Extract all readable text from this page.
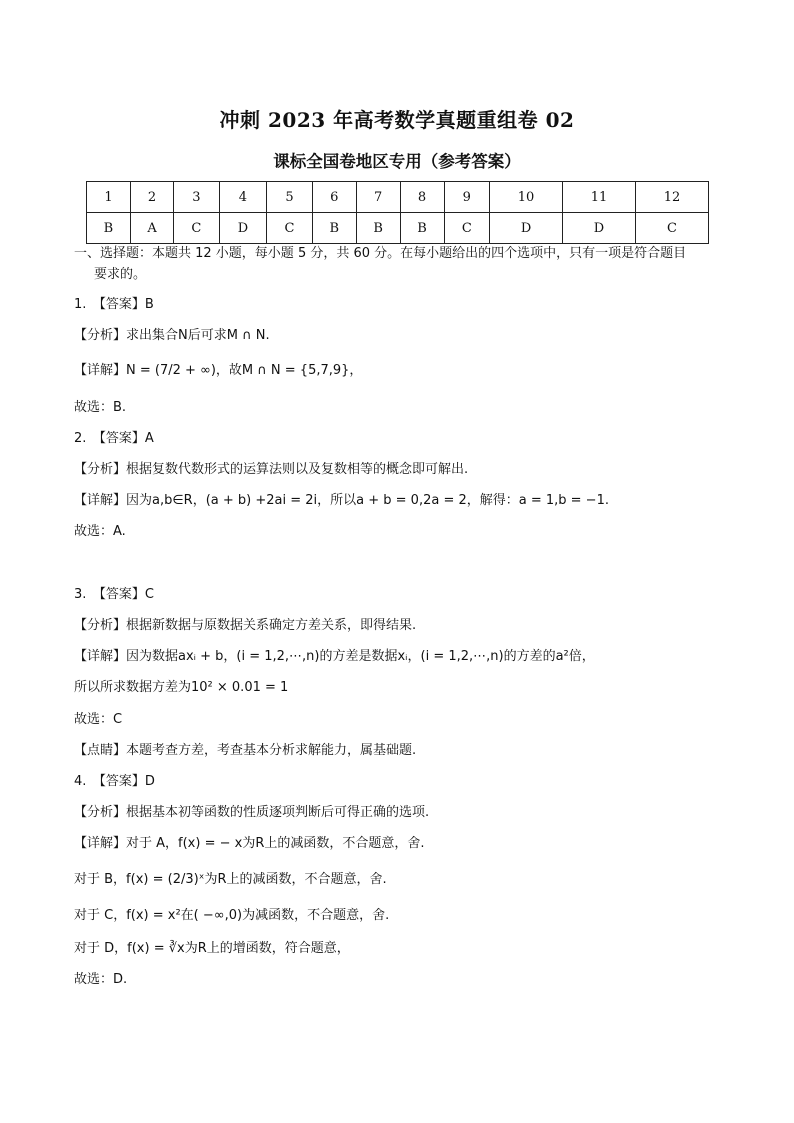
冲刺 2023 年高考数学真题重组卷 02
课标全国卷地区专用（参考答案）
1	2	3	4	5	6	7	8	9	10	11	12
B	A	C	D	C	B	B	B	C	D	D	C
一、选择题：本题共 12 小题，每小题 5 分，共 60 分。在每小题给出的四个选项中，只有一项是符合题目
要求的。
1.　【答案】B
【分析】求出集合N后可求M ∩ N.
【详解】N = (7/2 + ∞)，故M ∩ N = {5,7,9}，
故选：B.
2.　【答案】A
【分析】根据复数代数形式的运算法则以及复数相等的概念即可解出.
【详解】因为a,b∈R，(a + b) +2ai = 2i，所以a + b = 0,2a = 2，解得：a = 1,b = −1.
故选：A.
3.　【答案】C
【分析】根据新数据与原数据关系确定方差关系，即得结果.
【详解】因为数据axᵢ + b，(i = 1,2,⋯,n)的方差是数据xᵢ，(i = 1,2,⋯,n)的方差的a²倍，
所以所求数据方差为10² × 0.01 = 1
故选：C
【点睛】本题考查方差，考查基本分析求解能力，属基础题.
4.　【答案】D
【分析】根据基本初等函数的性质逐项判断后可得正确的选项.
【详解】对于 A，f(x) = − x为R上的减函数，不合题意，舍.
对于 B，f(x) = (2/3)ˣ为R上的减函数，不合题意，舍.
对于 C，f(x) = x²在( −∞,0)为减函数，不合题意，舍.
对于 D，f(x) = ∛x为R上的增函数，符合题意，
故选：D.
